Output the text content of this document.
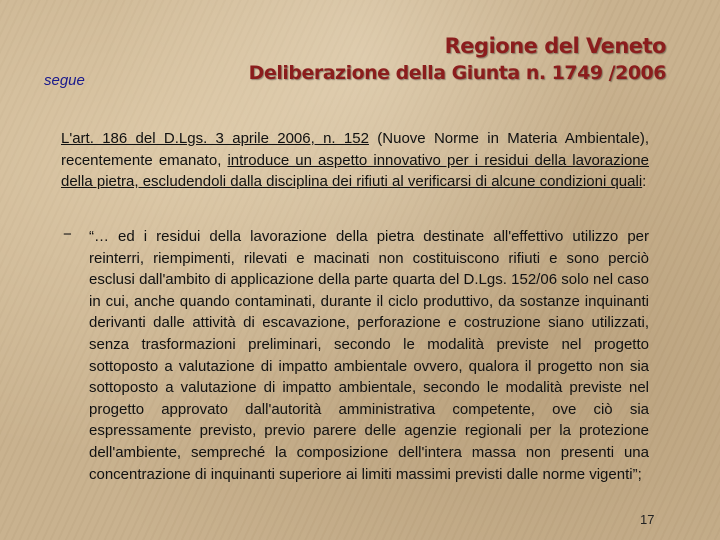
Regione del Veneto
Deliberazione della Giunta n. 1749 /2006
segue

L'art. 186 del D.Lgs. 3 aprile 2006, n. 152 (Nuove Norme in Materia Ambientale), recentemente emanato, introduce un aspetto innovativo per i residui della lavorazione della pietra, escludendoli dalla disciplina dei rifiuti al verificarsi di alcune condizioni quali:

− “… ed i residui della lavorazione della pietra destinate all'effettivo utilizzo per reinterri, riempimenti, rilevati e macinati non costituiscono rifiuti e sono perciò esclusi dall'ambito di applicazione della parte quarta del D.Lgs. 152/06 solo nel caso in cui, anche quando contaminati, durante il ciclo produttivo, da sostanze inquinanti derivanti dalle attività di escavazione, perforazione e costruzione siano utilizzati, senza trasformazioni preliminari, secondo le modalità previste nel progetto sottoposto a valutazione di impatto ambientale ovvero, qualora il progetto non sia sottoposto a valutazione di impatto ambientale, secondo le modalità previste nel progetto approvato dall'autorità amministrativa competente, ove ciò sia espressamente previsto, previo parere delle agenzie regionali per la protezione dell'ambiente, sempreché la composizione dell'intera massa non presenti una concentrazione di inquinanti superiore ai limiti massimi previsti dalle norme vigenti”;

17
